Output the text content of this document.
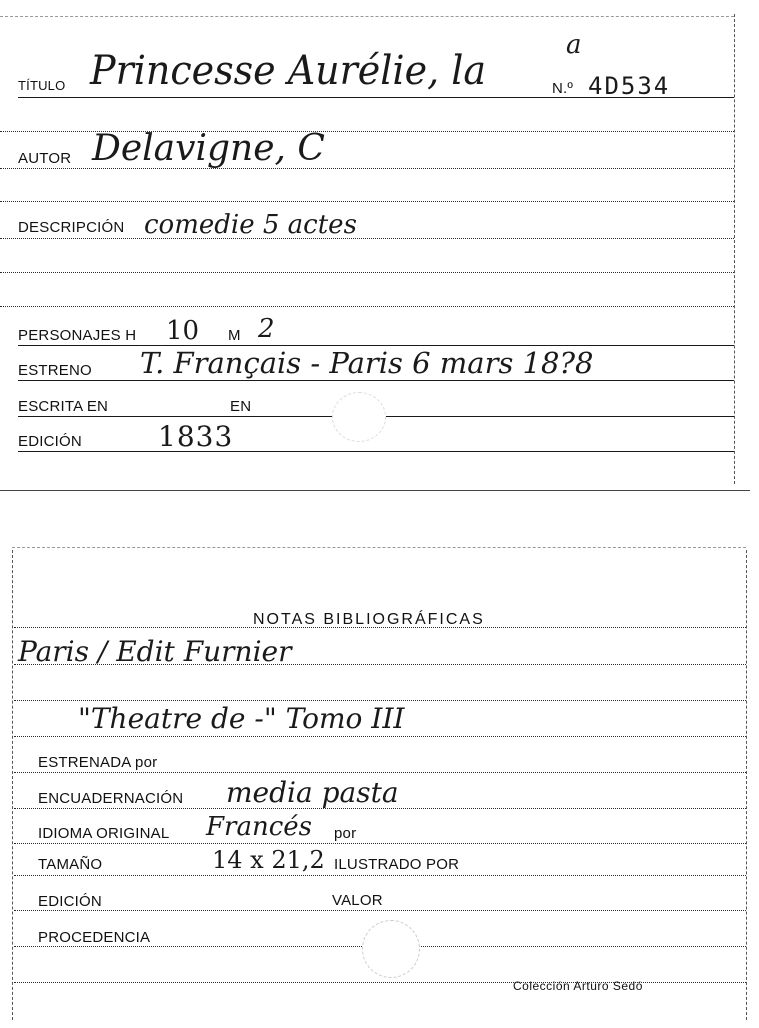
TÍTULO Princesse Aurélie, la
a
N.º 4D534
AUTOR Delavigne, C
DESCRIPCIÓN comedie 5 actes
PERSONAJES H 10 M 2
ESTRENO T. Français - Paris 6 mars 18?8
ESCRITA EN	EN
EDICIÓN	1833
NOTAS BIBLIOGRÁFICAS
Paris / Edit Furnier
"Theatre de -" Tomo III
ESTRENADA por
ENCUADERNACIÓN media pasta
IDIOMA ORIGINAL Francés por
TAMAÑO	14 x 21,2 ILUSTRADO POR
EDICIÓN	VALOR
PROCEDENCIA
Colección Arturo Sedó
